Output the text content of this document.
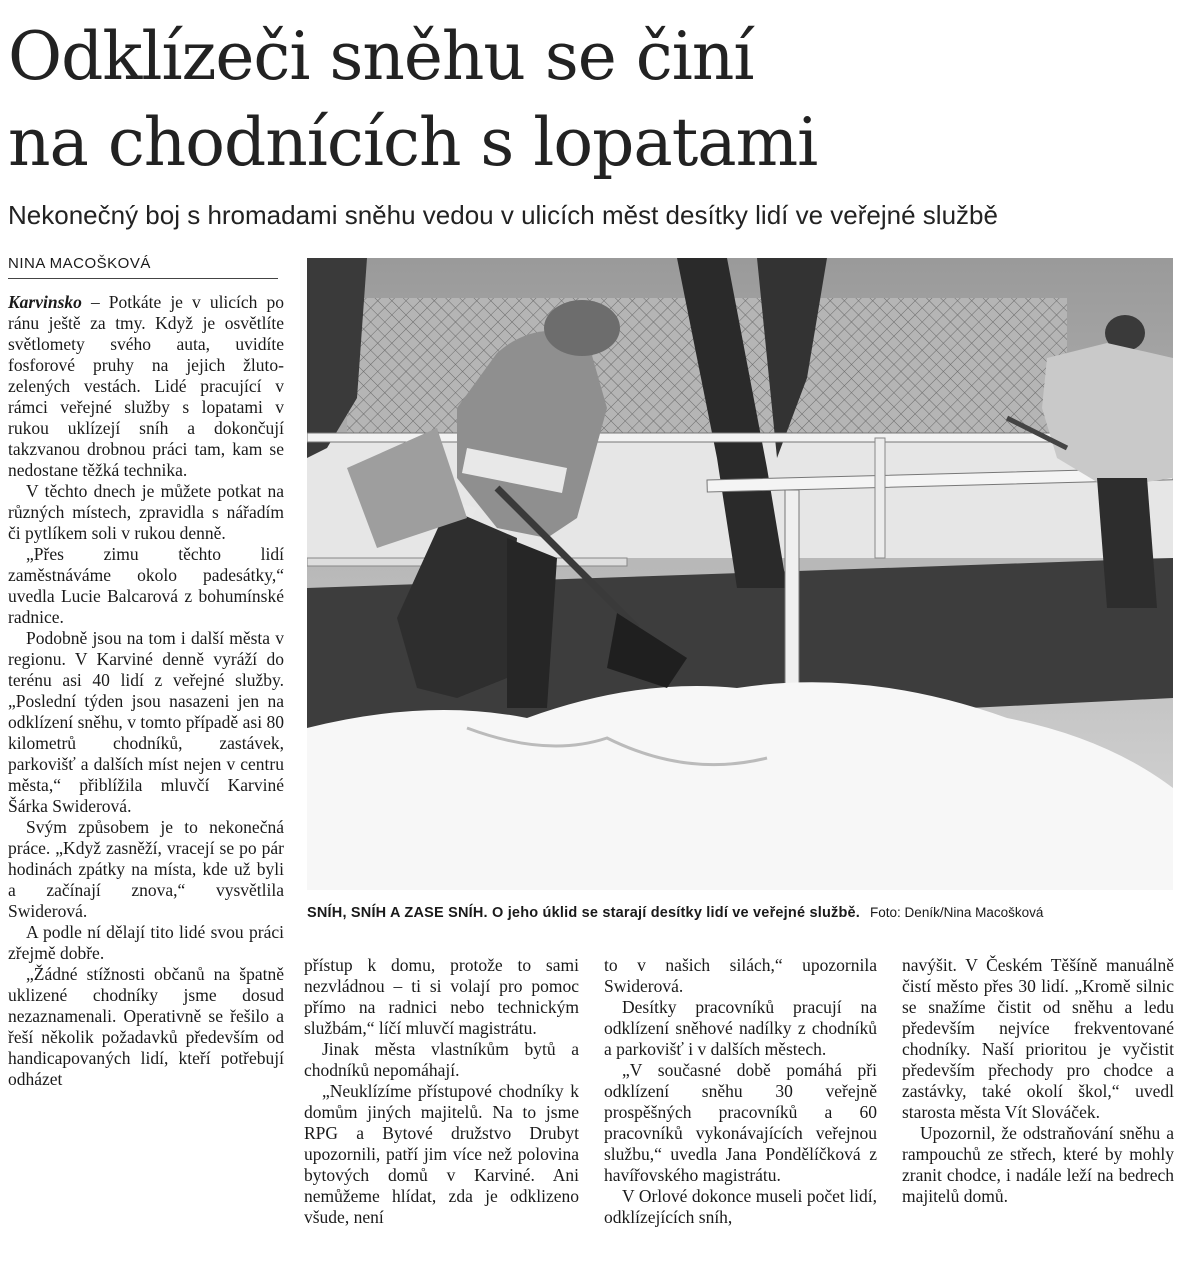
Odklízeči sněhu se činí
na chodnících s lopatami
Nekonečný boj s hromadami sněhu vedou v ulicích měst desítky lidí ve veřejné službě
NINA MACOŠKOVÁ

Karvinsko – Potkáte je v ulicích po ránu ještě za tmy. Když je osvětlíte světlomety svého auta, uvidíte fosforové pruhy na jejich žluto-zelených vestách. Lidé pracující v rámci veřejné služby s lopatami v rukou uklízejí sníh a dokončují takzvanou drobnou práci tam, kam se nedostane těžká technika.

V těchto dnech je můžete potkat na různých místech, zpravidla s nářadím či pytlíkem soli v rukou denně.

„Přes zimu těchto lidí zaměstnáváme okolo padesátky,“ uvedla Lucie Balcarová z bohumínské radnice.

Podobně jsou na tom i další města v regionu. V Karviné denně vyráží do terénu asi 40 lidí z veřejné služby. „Poslední týden jsou nasazeni jen na odklízení sněhu, v tomto případě asi 80 kilometrů chodníků, zastávek, parkovišť a dalších míst nejen v centru města,“ přiblížila mluvčí Karviné Šárka Swiderová.

Svým způsobem je to nekonečná práce. „Když zasněží, vracejí se po pár hodinách zpátky na místa, kde už byli a začínají znova,“ vysvětlila Swiderová.

A podle ní dělají tito lidé svou práci zřejmě dobře.

„Žádné stížnosti občanů na špatně uklizené chodníky jsme dosud nezaznamenali. Operativně se řešilo a řeší několik požadavků především od handicapovaných lidí, kteří potřebují odházet

SNÍH, SNÍH A ZASE SNÍH. O jeho úklid se starají desítky lidí ve veřejné službě. Foto: Deník/Nina Macošková

přístup k domu, protože to sami nezvládnou – ti si volají pro pomoc přímo na radnici nebo technickým službám,“ líčí mluvčí magistrátu.

Jinak města vlastníkům bytů a chodníků nepomáhají.

„Neuklízíme přístupové chodníky k domům jiných majitelů. Na to jsme RPG a Bytové družstvo Drubyt upozornili, patří jim více než polovina bytových domů v Karviné. Ani nemůžeme hlídat, zda je odklizeno všude, není

to v našich silách,“ upozornila Swiderová.

Desítky pracovníků pracují na odklízení sněhové nadílky z chodníků a parkovišť i v dalších městech.

„V současné době pomáhá při odklízení sněhu 30 veřejně prospěšných pracovníků a 60 pracovníků vykonávajících veřejnou službu,“ uvedla Jana Pondělíčková z havířovského magistrátu.

V Orlové dokonce museli počet lidí, odklízejících sníh,

navýšit. V Českém Těšíně manuálně čistí město přes 30 lidí. „Kromě silnic se snažíme čistit od sněhu a ledu především nejvíce frekventované chodníky. Naší prioritou je vyčistit především přechody pro chodce a zastávky, také okolí škol,“ uvedl starosta města Vít Slováček.

Upozornil, že odstraňování sněhu a rampouchů ze střech, které by mohly zranit chodce, i nadále leží na bedrech majitelů domů.
